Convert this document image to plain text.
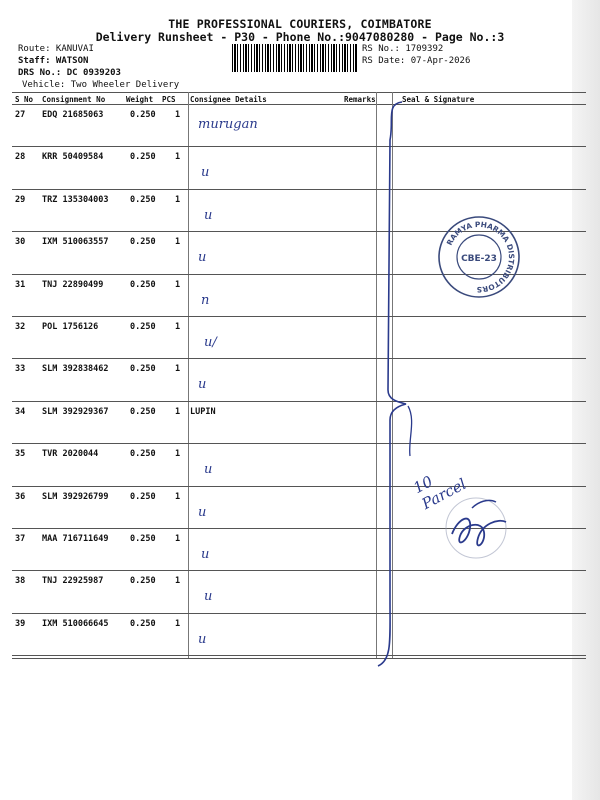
THE PROFESSIONAL COURIERS, COIMBATORE
Delivery Runsheet - P30 - Phone No.:9047080280 - Page No.:3
Route: KANUVAI
Staff: WATSON
DRS No.: DC 0939203
Vehicle: Two Wheeler Delivery
RS No.: 1709392
RS Date: 07-Apr-2026
S No Consignment No	Weight PCS Consignee Details	Remarks	Seal & Signature
27 EDQ 21685063	0.250 1
murugan
28 KRR 50409584	0.250 1
u
29 TRZ 135304003	0.250 1
u
30 IXM 510063557	0.250 1
u
31 TNJ 22890499	0.250 1
n
32 POL 1756126	0.250 1
u/
33 SLM 392838462	0.250 1
u
34 SLM 392929367	0.250 1 LUPIN
35 TVR 2020044	0.250 1
u
36 SLM 392926799	0.250 1
u
37 MAA 716711649	0.250 1
u
38 TNJ 22925987	0.250 1
u
39 IXM 510066645	0.250 1
u
RAMYA PHARMA DISTRIBUTORS
CBE-23
10 Parcel
